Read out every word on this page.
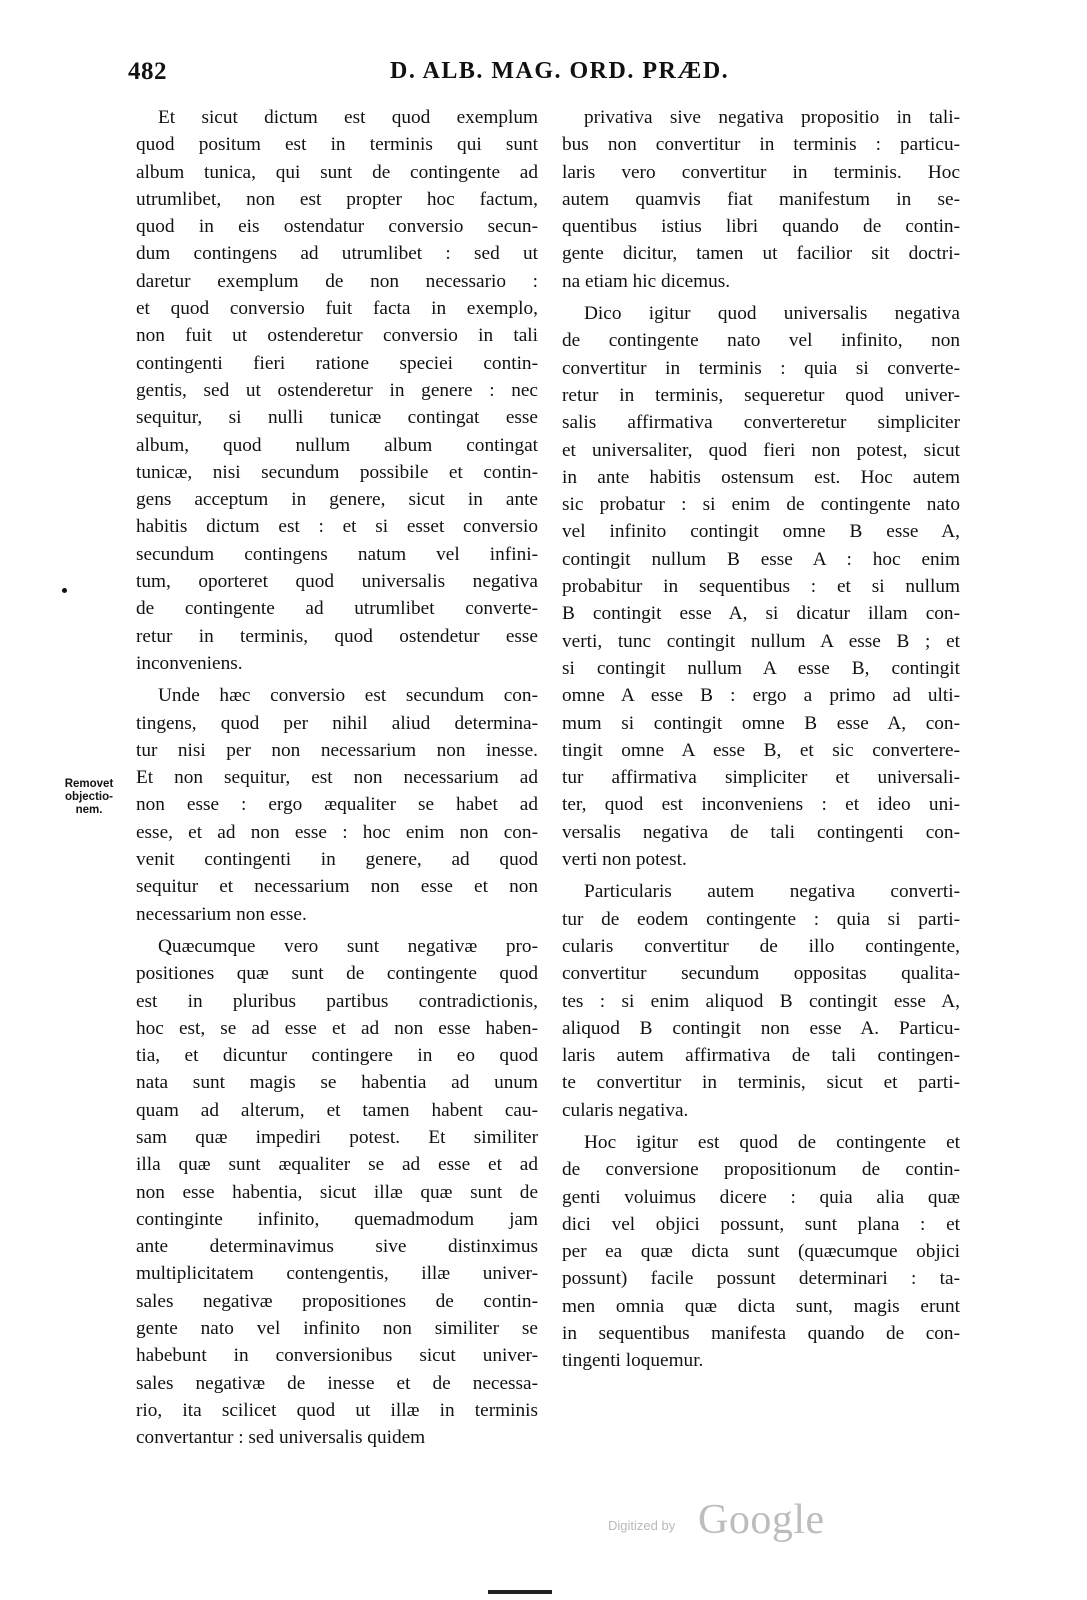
482	D. ALB. MAG. ORD. PRÆD.
Removet
objectio-
nem.
Et sicut dictum est quod exemplum
quod positum est in terminis qui sunt
album tunica, qui sunt de contingente ad
utrumlibet, non est propter hoc factum,
quod in eis ostendatur conversio secun-
dum contingens ad utrumlibet : sed ut
daretur exemplum de non necessario :
et quod conversio fuit facta in exemplo,
non fuit ut ostenderetur conversio in tali
contingenti fieri ratione speciei contin-
gentis, sed ut ostenderetur in genere : nec
sequitur, si nulli tunicæ contingat esse
album, quod nullum album contingat
tunicæ, nisi secundum possibile et contin-
gens acceptum in genere, sicut in ante
habitis dictum est : et si esset conversio
secundum contingens natum vel infini-
tum, oporteret quod universalis negativa
de contingente ad utrumlibet converte-
retur in terminis, quod ostendetur esse
inconveniens.
Unde hæc conversio est secundum con-
tingens, quod per nihil aliud determina-
tur nisi per non necessarium non inesse.
Et non sequitur, est non necessarium ad
non esse : ergo æqualiter se habet ad
esse, et ad non esse : hoc enim non con-
venit contingenti in genere, ad quod
sequitur et necessarium non esse et non
necessarium non esse.
Quæcumque vero sunt negativæ pro-
positiones quæ sunt de contingente quod
est in pluribus partibus contradictionis,
hoc est, se ad esse et ad non esse haben-
tia, et dicuntur contingere in eo quod
nata sunt magis se habentia ad unum
quam ad alterum, et tamen habent cau-
sam quæ impediri potest. Et similiter
illa quæ sunt æqualiter se ad esse et ad
non esse habentia, sicut illæ quæ sunt de
continginte infinito, quemadmodum jam
ante determinavimus sive distinximus
multiplicitatem contengentis, illæ univer-
sales negativæ propositiones de contin-
gente nato vel infinito non similiter se
habebunt in conversionibus sicut univer-
sales negativæ de inesse et de necessa-
rio, ita scilicet quod ut illæ in terminis
convertantur : sed universalis quidem
privativa sive negativa propositio in tali-
bus non convertitur in terminis : particu-
laris vero convertitur in terminis. Hoc
autem quamvis fiat manifestum in se-
quentibus istius libri quando de contin-
gente dicitur, tamen ut facilior sit doctri-
na etiam hic dicemus.
Dico igitur quod universalis negativa
de contingente nato vel infinito, non
convertitur in terminis : quia si converte-
retur in terminis, sequeretur quod univer-
salis affirmativa converteretur simpliciter
et universaliter, quod fieri non potest, sicut
in ante habitis ostensum est. Hoc autem
sic probatur : si enim de contingente nato
vel infinito contingit omne B esse A,
contingit nullum B esse A : hoc enim
probabitur in sequentibus : et si nullum
B contingit esse A, si dicatur illam con-
verti, tunc contingit nullum A esse B ; et
si contingit nullum A esse B, contingit
omne A esse B : ergo a primo ad ulti-
mum si contingit omne B esse A, con-
tingit omne A esse B, et sic convertere-
tur affirmativa simpliciter et universali-
ter, quod est inconveniens : et ideo uni-
versalis negativa de tali contingenti con-
verti non potest.
Particularis autem negativa converti-
tur de eodem contingente : quia si parti-
cularis convertitur de illo contingente,
convertitur secundum oppositas qualita-
tes : si enim aliquod B contingit esse A,
aliquod B contingit non esse A. Particu-
laris autem affirmativa de tali contingen-
te convertitur in terminis, sicut et parti-
cularis negativa.
Hoc igitur est quod de contingente et
de conversione propositionum de contin-
genti voluimus dicere : quia alia quæ
dici vel objici possunt, sunt plana : et
per ea quæ dicta sunt (quæcumque objici
possunt) facile possunt determinari : ta-
men omnia quæ dicta sunt, magis erunt
in sequentibus manifesta quando de con-
tingenti loquemur.
Digitized by Google
